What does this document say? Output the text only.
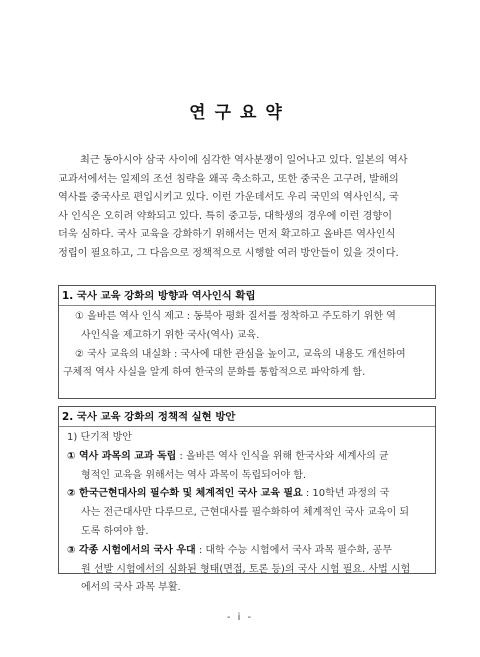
연구요약
최근 동아시아 삼국 사이에 심각한 역사분쟁이 일어나고 있다. 일본의 역사
교과서에서는 일제의 조선 침략을 왜곡 축소하고, 또한 중국은 고구려, 발해의
역사를 중국사로 편입시키고 있다. 이런 가운데서도 우리 국민의 역사인식, 국
사 인식은 오히려 약화되고 있다. 특히 중고등, 대학생의 경우에 이런 경향이
더욱 심하다. 국사 교육을 강화하기 위해서는 먼저 확고하고 올바른 역사인식
정립이 필요하고, 그 다음으로 정책적으로 시행할 여러 방안들이 있을 것이다.
1. 국사 교육 강화의 방향과 역사인식 확립
① 올바른 역사 인식 제고 : 동북아 평화 질서를 정착하고 주도하기 위한 역
사인식을 제고하기 위한 국사(역사) 교육.
② 국사 교육의 내실화 : 국사에 대한 관심을 높이고, 교육의 내용도 개선하여
구체적 역사 사실을 알게 하여 한국의 문화를 통합적으로 파악하게 함.
2. 국사 교육 강화의 정책적 실현 방안
1) 단기적 방안
① 역사 과목의 교과 독립 : 올바른 역사 인식을 위해 한국사와 세계사의 균
형적인 교육을 위해서는 역사 과목이 독립되어야 함.
② 한국근현대사의 필수화 및 체계적인 국사 교육 필요 : 10학년 과정의 국
사는 전근대사만 다루므로, 근현대사를 필수화하여 체계적인 국사 교육이 되
도록 하여야 함.
③ 각종 시험에서의 국사 우대 : 대학 수능 시험에서 국사 과목 필수화, 공무
원 선발 시험에서의 심화된 형태(면접, 토론 등)의 국사 시험 필요. 사법 시험
에서의 국사 과목 부활.
- i -
